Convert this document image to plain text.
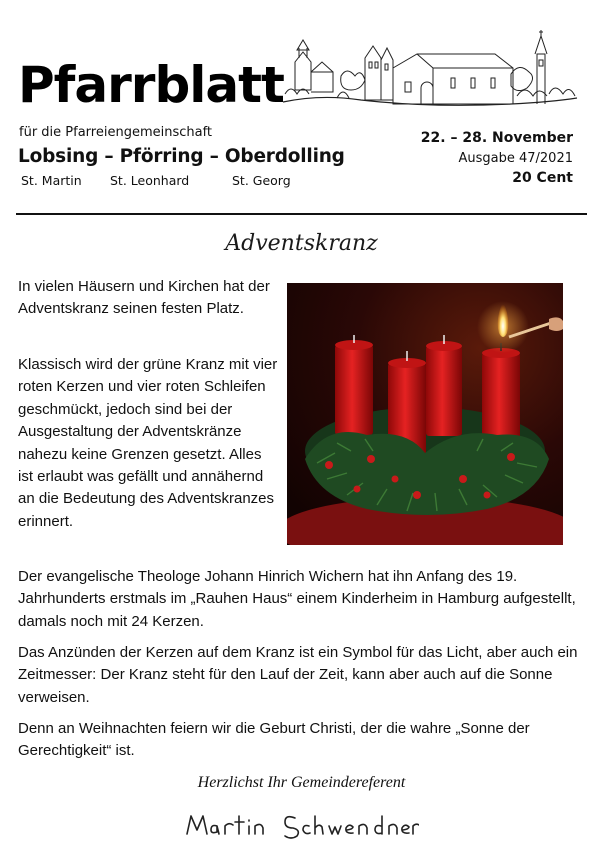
Pfarrblatt
für die Pfarreiengemeinschaft
Lobsing – Pförring – Oberdolling
St. Martin St. Leonhard	St. Georg
22. – 28. November
Ausgabe 47/2021
20 Cent
Adventskranz

In vielen Häusern und Kirchen hat der Adventskranz seinen festen Platz.

Klassisch wird der grüne Kranz mit vier roten Kerzen und vier roten Schleifen geschmückt, jedoch sind bei der Ausgestaltung der Adventskränze nahezu keine Grenzen gesetzt. Alles ist erlaubt was gefällt und annähernd an die Bedeutung des Adventskranzes erinnert.

Der evangelische Theologe Johann Hinrich Wichern hat ihn Anfang des 19. Jahrhunderts erstmals im „Rauhen Haus“ einem Kinderheim in Hamburg aufgestellt, damals noch mit 24 Kerzen.

Das Anzünden der Kerzen auf dem Kranz ist ein Symbol für das Licht, aber auch ein Zeitmesser: Der Kranz steht für den Lauf der Zeit, kann aber auch auf die Sonne verweisen.

Denn an Weihnachten feiern wir die Geburt Christi, der die wahre „Sonne der Gerechtigkeit“ ist.

Herzlichst Ihr Gemeindereferent
